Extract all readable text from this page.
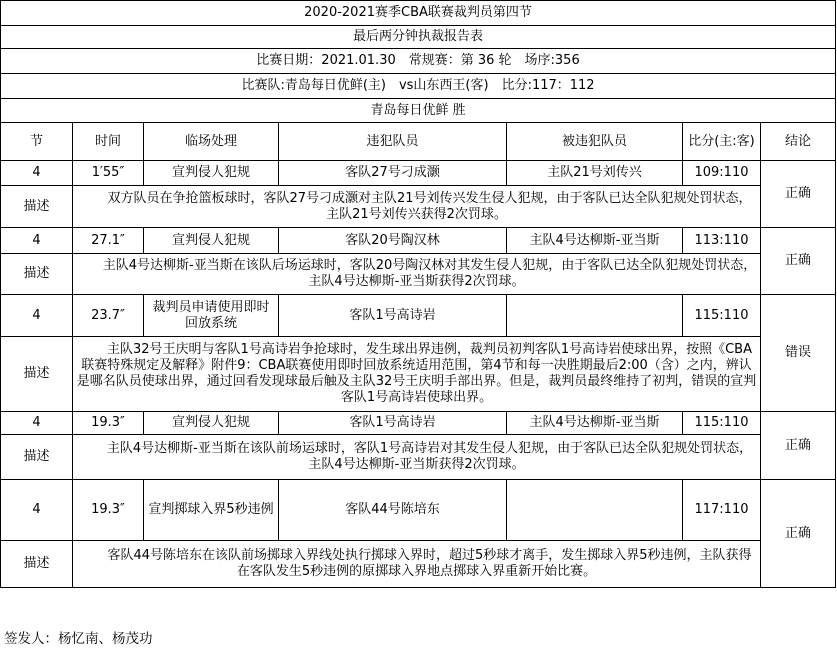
2020-2021赛季CBA联赛裁判员第四节						
最后两分钟执裁报告表						
比赛日期：2021.01.30　常规赛：第 36 轮　场序:356						
比赛队:青岛每日优鲜(主)　vs山东西王(客)　比分:117：112						
青岛每日优鲜 胜						
节	时间	临场处理	违犯队员	被违犯队员	比分(主:客)	结论
4	1′55″	宣判侵人犯规	客队27号刁成灏	主队21号刘传兴	109:110	正确
描述	双方队员在争抢篮板球时，客队27号刁成灏对主队21号刘传兴发生侵人犯规，由于客队已达全队犯规处罚状态，主队21号刘传兴获得2次罚球。					
4	27.1″	宣判侵人犯规	客队20号陶汉林	主队4号达柳斯-亚当斯	113:110	正确
描述	主队4号达柳斯-亚当斯在该队后场运球时，客队20号陶汉林对其发生侵人犯规，由于客队已达全队犯规处罚状态，主队4号达柳斯-亚当斯获得2次罚球。					
4	23.7″	裁判员申请使用即时回放系统	客队1号高诗岩		115:110	错误
描述	主队32号王庆明与客队1号高诗岩争抢球时，发生球出界违例，裁判员初判客队1号高诗岩使球出界，按照《CBA联赛特殊规定及解释》附件9：CBA联赛使用即时回放系统适用范围，第4节和每一决胜期最后2:00（含）之内，辨认是哪名队员使球出界，通过回看发现球最后触及主队32号王庆明手部出界。但是，裁判员最终维持了初判，错误的宣判客队1号高诗岩使球出界。					
4	19.3″	宣判侵人犯规	客队1号高诗岩	主队4号达柳斯-亚当斯	115:110	正确
描述	主队4号达柳斯-亚当斯在该队前场运球时，客队1号高诗岩对其发生侵人犯规，由于客队已达全队犯规处罚状态，主队4号达柳斯-亚当斯获得2次罚球。					
4	19.3″	宣判掷球入界5秒违例	客队44号陈培东		117:110	正确
描述	客队44号陈培东在该队前场掷球入界线处执行掷球入界时，超过5秒球才离手，发生掷球入界5秒违例，主队获得在客队发生5秒违例的原掷球入界地点掷球入界重新开始比赛。					
签发人：杨忆南、杨茂功
